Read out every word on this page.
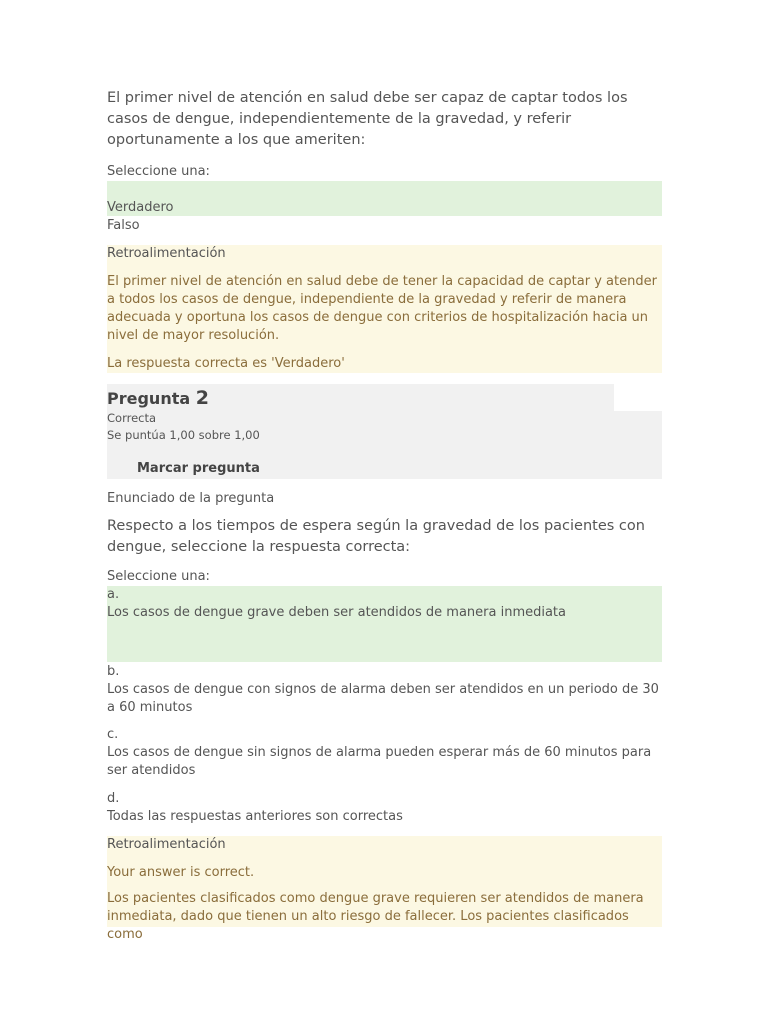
El primer nivel de atención en salud debe ser capaz de captar todos los casos de dengue, independientemente de la gravedad, y referir oportunamente a los que ameriten:

Seleccione una:
Verdadero
Falso
Retroalimentación
El primer nivel de atención en salud debe de tener la capacidad de captar y atender a todos los casos de dengue, independiente de la gravedad y referir de manera adecuada y oportuna los casos de dengue con criterios de hospitalización hacia un nivel de mayor resolución.
La respuesta correcta es 'Verdadero'
Pregunta 2
Correcta
Se puntúa 1,00 sobre 1,00
Marcar pregunta
Enunciado de la pregunta

Respecto a los tiempos de espera según la gravedad de los pacientes con dengue, seleccione la respuesta correcta:

Seleccione una:
a.
Los casos de dengue grave deben ser atendidos de manera inmediata
b.
Los casos de dengue con signos de alarma deben ser atendidos en un periodo de 30 a 60 minutos
c.
Los casos de dengue sin signos de alarma pueden esperar más de 60 minutos para ser atendidos
d.
Todas las respuestas anteriores son correctas
Retroalimentación
Your answer is correct.
Los pacientes clasificados como dengue grave requieren ser atendidos de manera inmediata, dado que tienen un alto riesgo de fallecer. Los pacientes clasificados como
